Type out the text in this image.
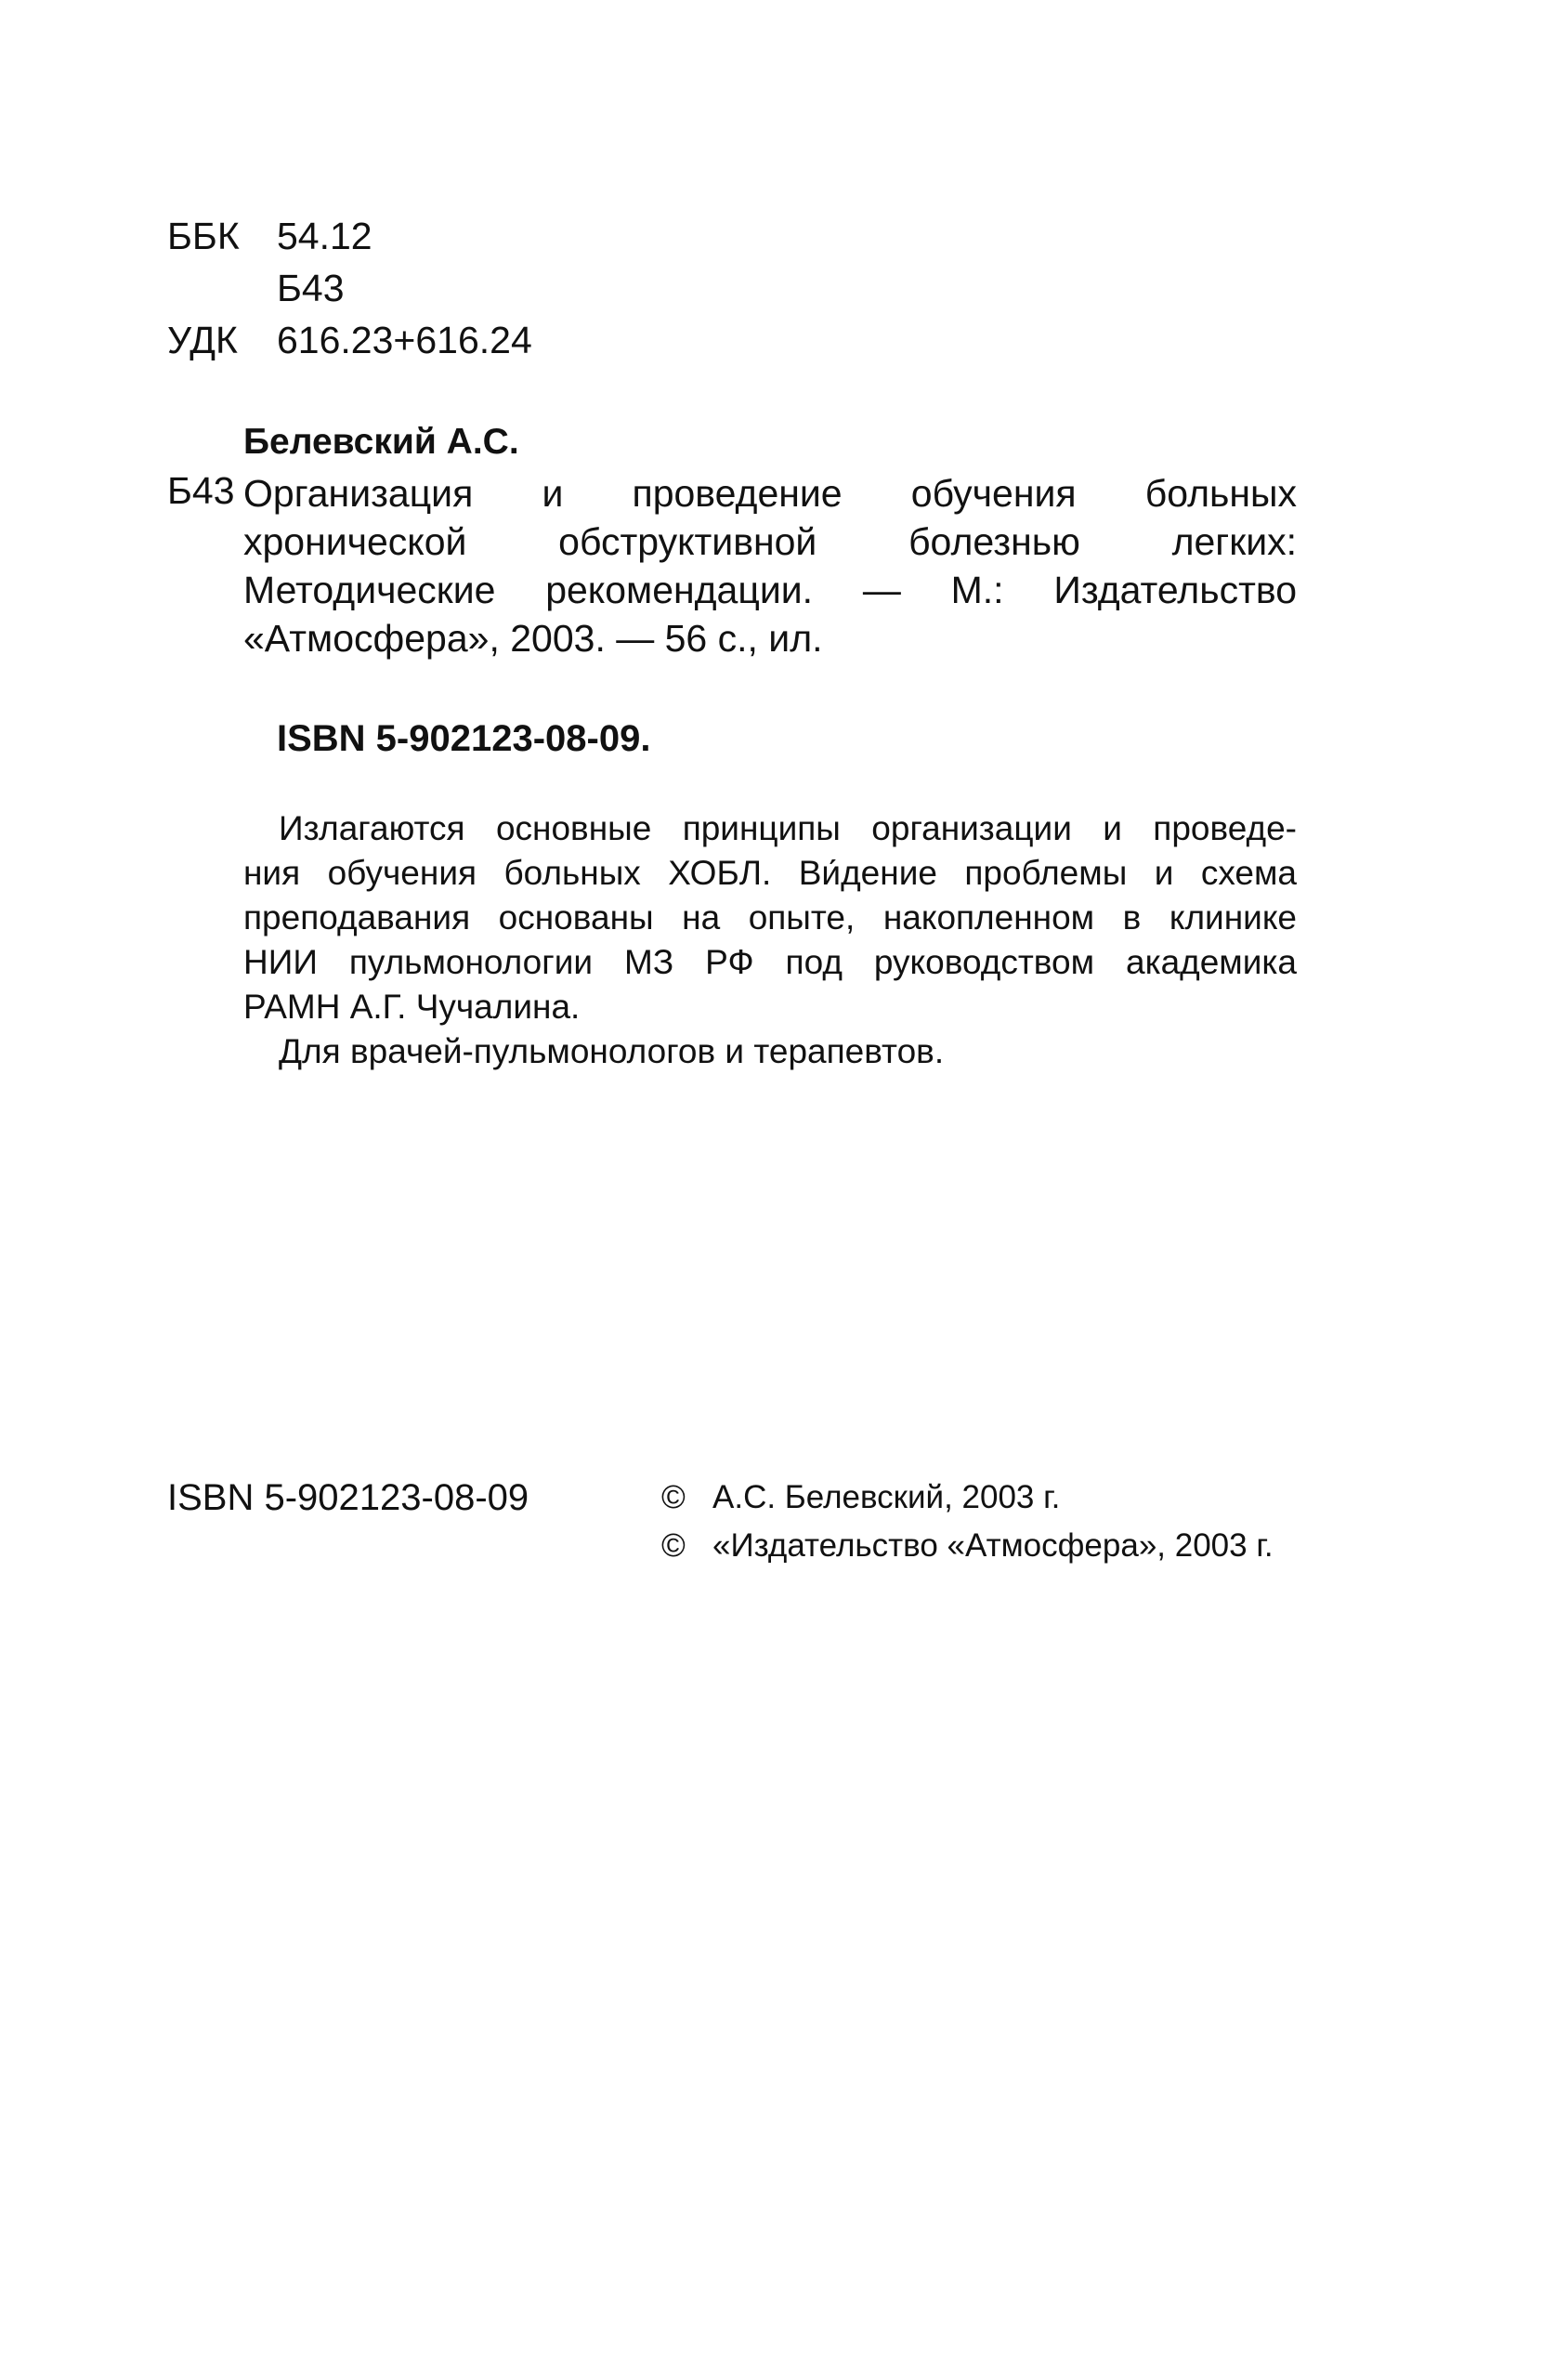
ББК 54.12
Б43
УДК 616.23+616.24
Белевский А.С.
Б43 Организация и проведение обучения больных
хронической обструктивной болезнью легких:
Методические рекомендации. — М.: Издательство
«Атмосфера», 2003. — 56 с., ил.
ISBN 5-902123-08-09.
Излагаются основные принципы организации и проведе-
ния обучения больных ХОБЛ. Ви́дение проблемы и схема
преподавания основаны на опыте, накопленном в клинике
НИИ пульмонологии МЗ РФ под руководством академика
РАМН А.Г. Чучалина.
Для врачей-пульмонологов и терапевтов.
ISBN 5-902123-08-09	© А.С. Белевский, 2003 г.
© «Издательство «Атмосфера», 2003 г.
